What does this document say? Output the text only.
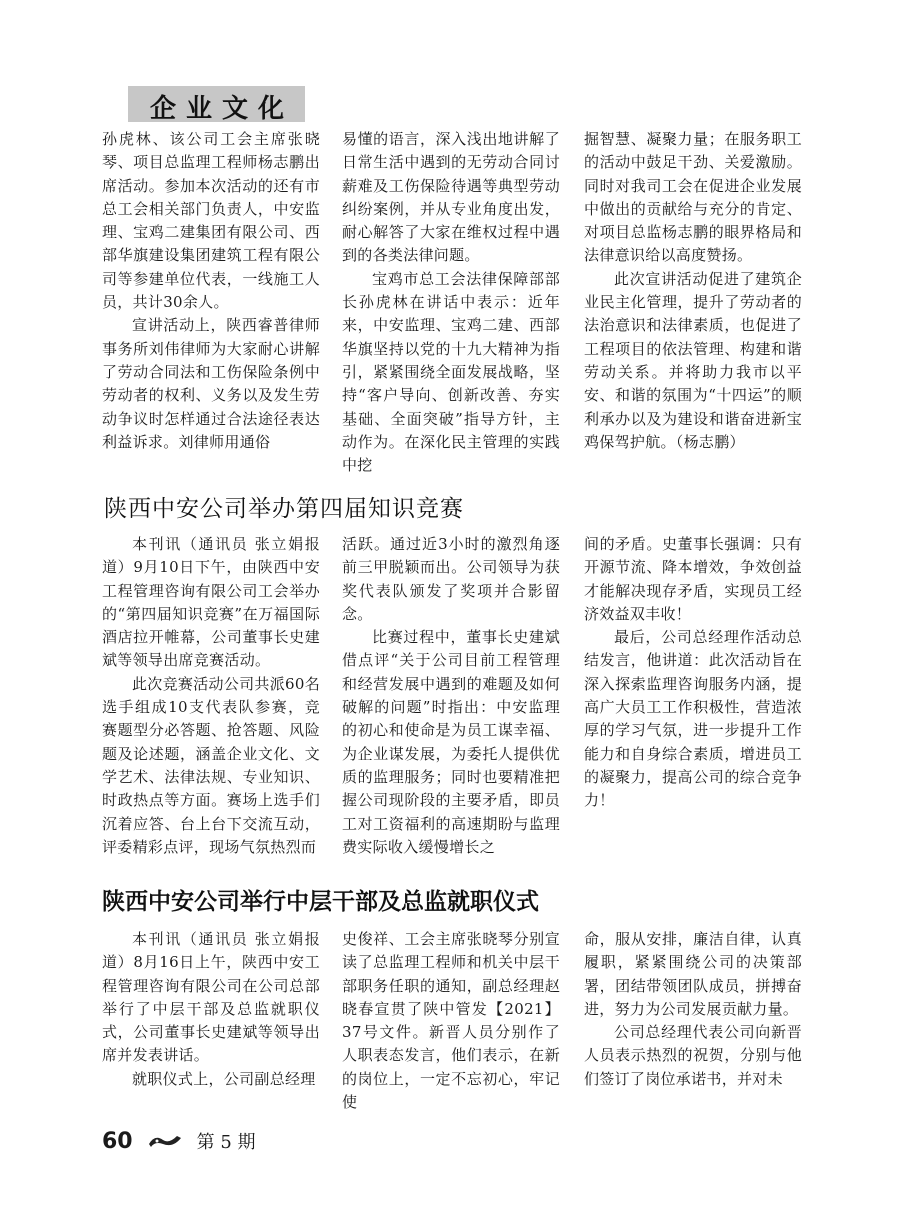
企业文化

孙虎林、该公司工会主席张晓琴、项目总监理工程师杨志鹏出席活动。参加本次活动的还有市总工会相关部门负责人，中安监理、宝鸡二建集团有限公司、西部华旗建设集团建筑工程有限公司等参建单位代表，一线施工人员，共计30余人。

宣讲活动上，陕西睿普律师事务所刘伟律师为大家耐心讲解了劳动合同法和工伤保险条例中劳动者的权利、义务以及发生劳动争议时怎样通过合法途径表达利益诉求。刘律师用通俗

易懂的语言，深入浅出地讲解了日常生活中遇到的无劳动合同讨薪难及工伤保险待遇等典型劳动纠纷案例，并从专业角度出发，耐心解答了大家在维权过程中遇到的各类法律问题。

宝鸡市总工会法律保障部部长孙虎林在讲话中表示：近年来，中安监理、宝鸡二建、西部华旗坚持以党的十九大精神为指引，紧紧围绕全面发展战略，坚持“客户导向、创新改善、夯实基础、全面突破”指导方针，主动作为。在深化民主管理的实践中挖

掘智慧、凝聚力量；在服务职工的活动中鼓足干劲、关爱激励。同时对我司工会在促进企业发展中做出的贡献给与充分的肯定、对项目总监杨志鹏的眼界格局和法律意识给以高度赞扬。

此次宣讲活动促进了建筑企业民主化管理，提升了劳动者的法治意识和法律素质，也促进了工程项目的依法管理、构建和谐劳动关系。并将助力我市以平安、和谐的氛围为“十四运”的顺利承办以及为建设和谐奋进新宝鸡保驾护航。（杨志鹏）

陕西中安公司举办第四届知识竞赛

本刊讯（通讯员 张立娟报道）9月10日下午，由陕西中安工程管理咨询有限公司工会举办的“第四届知识竞赛”在万福国际酒店拉开帷幕，公司董事长史建斌等领导出席竞赛活动。

此次竞赛活动公司共派60名选手组成10支代表队参赛，竞赛题型分必答题、抢答题、风险题及论述题，涵盖企业文化、文学艺术、法律法规、专业知识、时政热点等方面。赛场上选手们沉着应答、台上台下交流互动，评委精彩点评，现场气氛热烈而

活跃。通过近3小时的激烈角逐前三甲脱颖而出。公司领导为获奖代表队颁发了奖项并合影留念。

比赛过程中，董事长史建斌借点评“关于公司目前工程管理和经营发展中遇到的难题及如何破解的问题”时指出：中安监理的初心和使命是为员工谋幸福、为企业谋发展，为委托人提供优质的监理服务；同时也要精准把握公司现阶段的主要矛盾，即员工对工资福利的高速期盼与监理费实际收入缓慢增长之

间的矛盾。史董事长强调：只有开源节流、降本增效，争效创益才能解决现存矛盾，实现员工经济效益双丰收！

最后，公司总经理作活动总结发言，他讲道：此次活动旨在深入探索监理咨询服务内涵，提高广大员工工作积极性，营造浓厚的学习气氛，进一步提升工作能力和自身综合素质，增进员工的凝聚力，提高公司的综合竞争力！

陕西中安公司举行中层干部及总监就职仪式

本刊讯（通讯员 张立娟报道）8月16日上午，陕西中安工程管理咨询有限公司在公司总部举行了中层干部及总监就职仪式，公司董事长史建斌等领导出席并发表讲话。

就职仪式上，公司副总经理

史俊祥、工会主席张晓琴分别宣读了总监理工程师和机关中层干部职务任职的通知，副总经理赵晓春宣贯了陕中管发【2021】37号文件。新晋人员分别作了人职表态发言，他们表示，在新的岗位上，一定不忘初心，牢记使

命，服从安排，廉洁自律，认真履职，紧紧围绕公司的决策部署，团结带领团队成员，拼搏奋进，努力为公司发展贡献力量。

公司总经理代表公司向新晋人员表示热烈的祝贺，分别与他们签订了岗位承诺书，并对未

60	第 5 期
